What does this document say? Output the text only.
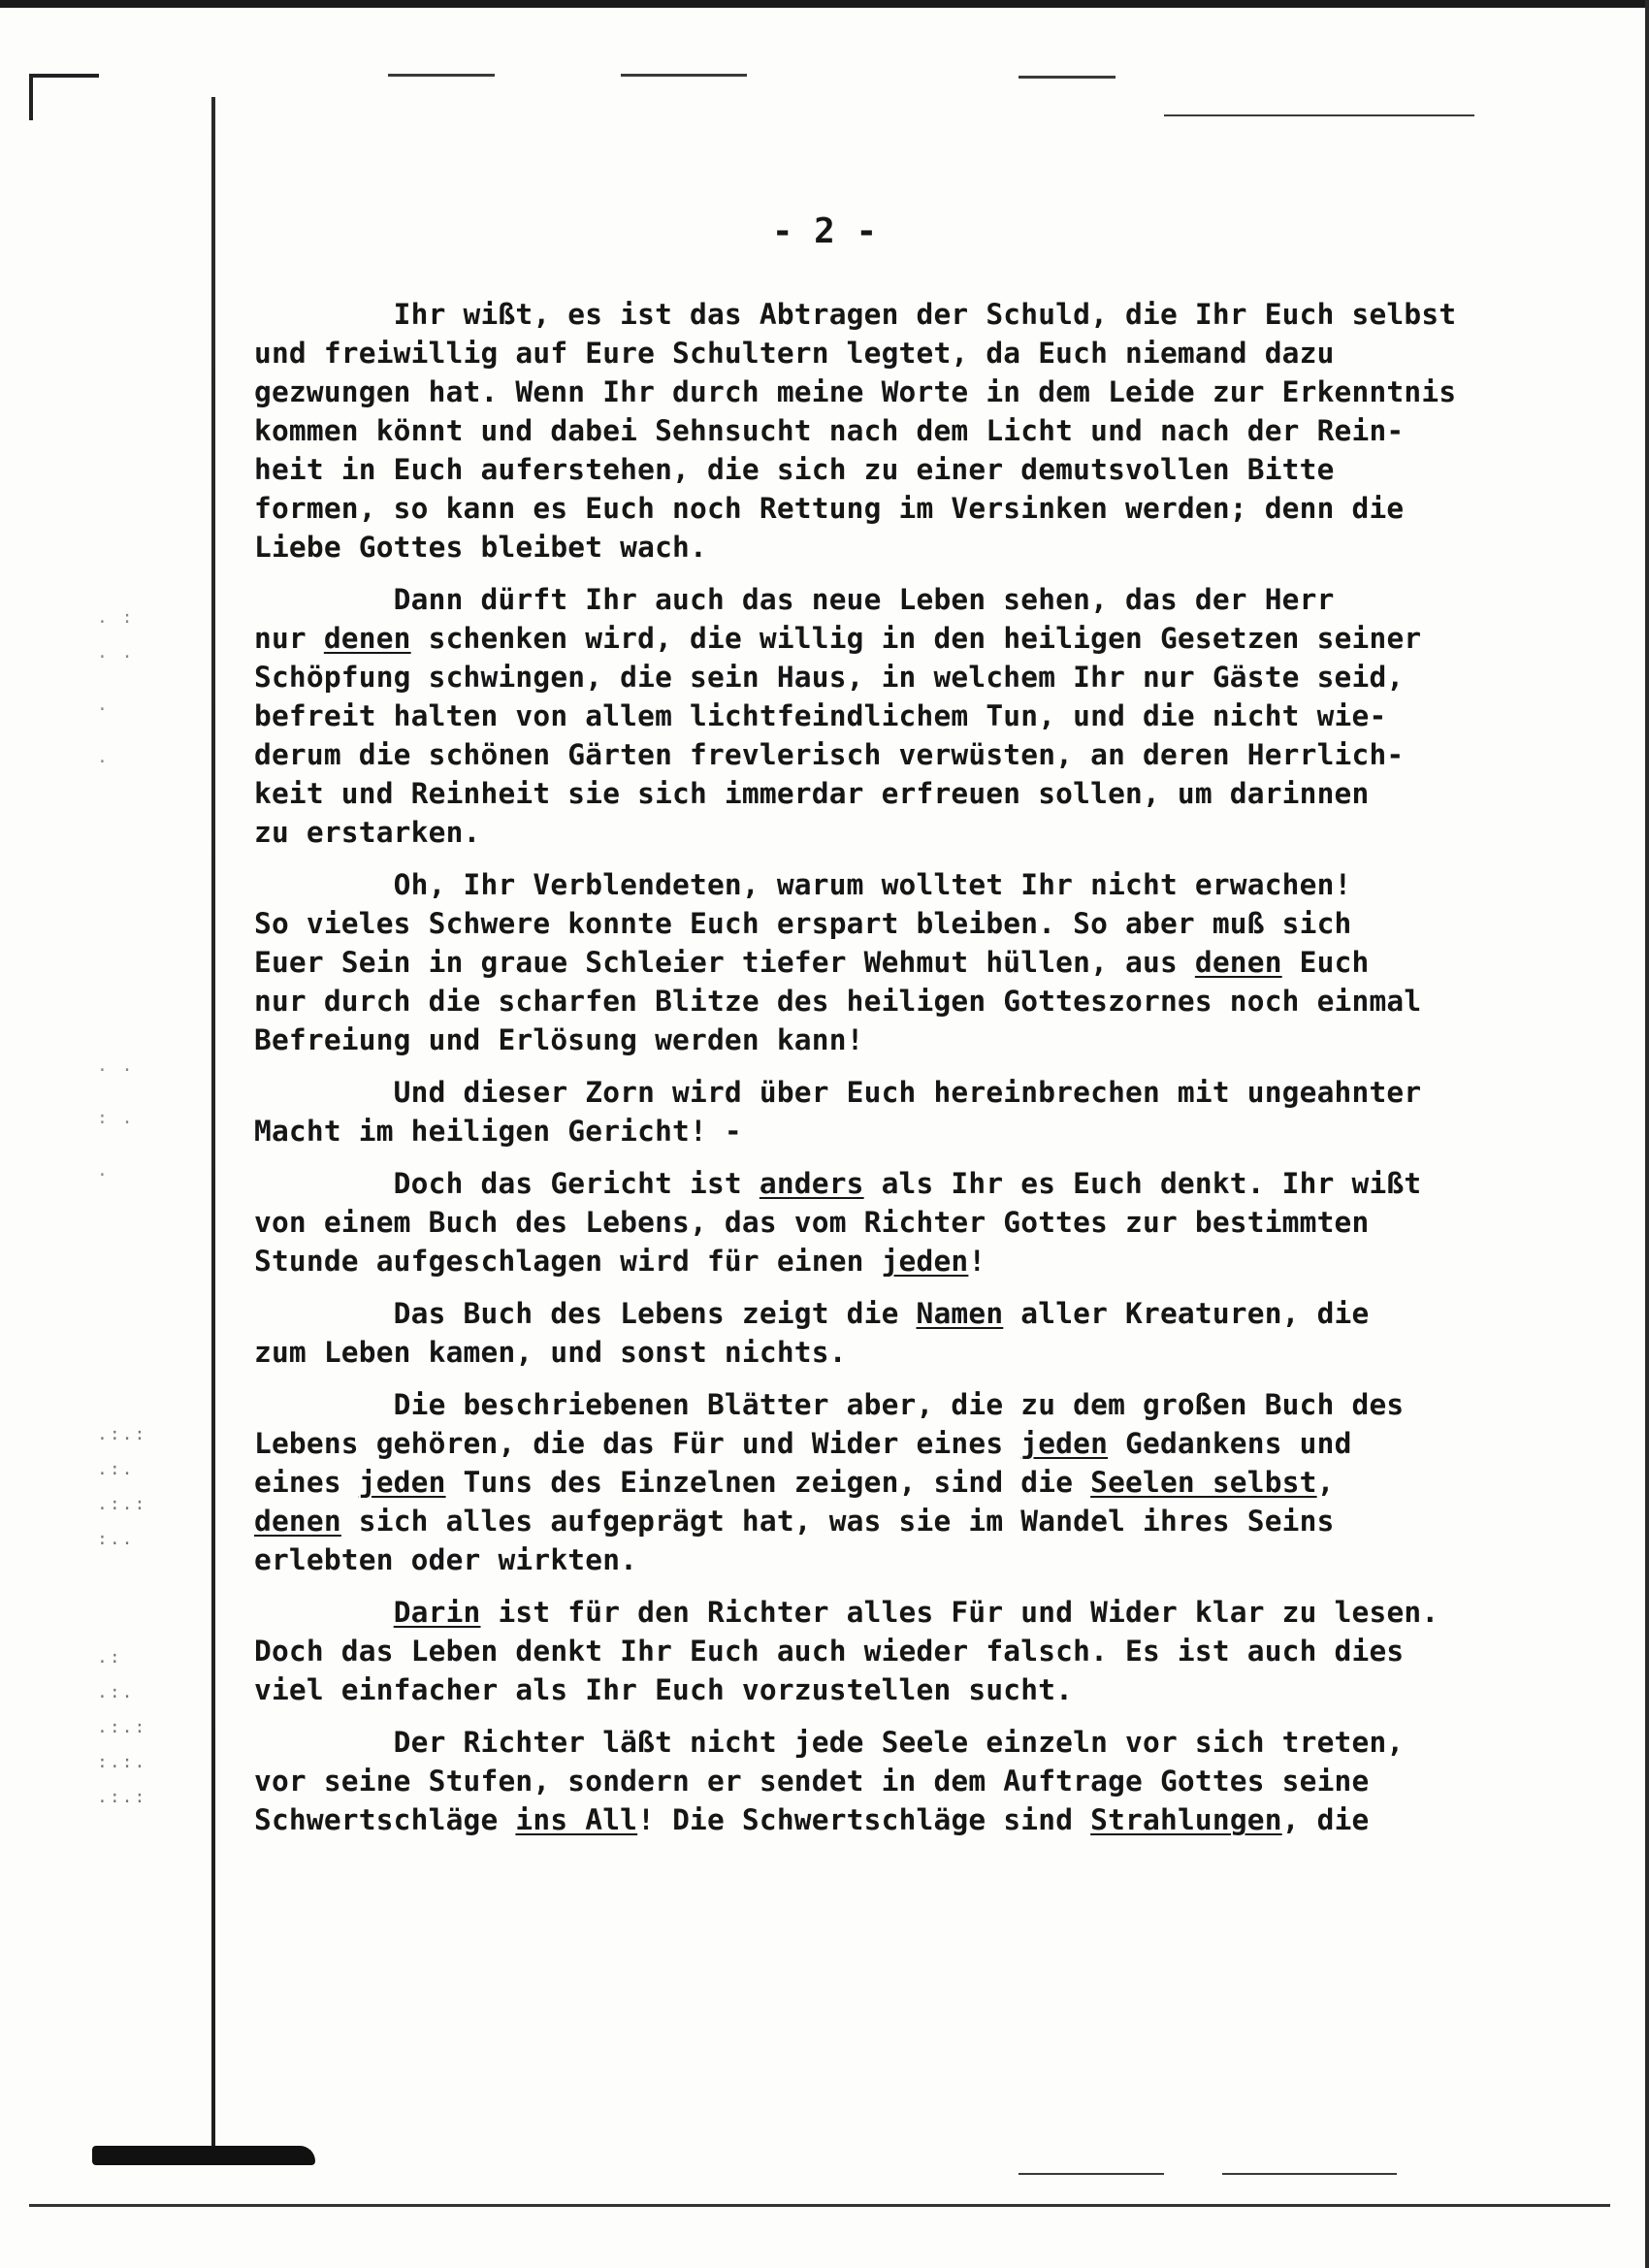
. :

. .

.

.
. .

: .

.
.:.:

.:.

.:.:

:..
.:

.:.

.:.:

:.:.

.:.:
- 2 -
Ihr wißt, es ist das Abtragen der Schuld, die Ihr Euch selbst
und freiwillig auf Eure Schultern legtet, da Euch niemand dazu
gezwungen hat. Wenn Ihr durch meine Worte in dem Leide zur Erkenntnis
kommen könnt und dabei Sehnsucht nach dem Licht und nach der Rein-
heit in Euch auferstehen, die sich zu einer demutsvollen Bitte
formen, so kann es Euch noch Rettung im Versinken werden; denn die
Liebe Gottes bleibet wach.
Dann dürft Ihr auch das neue Leben sehen, das der Herr
nur denen schenken wird, die willig in den heiligen Gesetzen seiner
Schöpfung schwingen, die sein Haus, in welchem Ihr nur Gäste seid,
befreit halten von allem lichtfeindlichem Tun, und die nicht wie-
derum die schönen Gärten frevlerisch verwüsten, an deren Herrlich-
keit und Reinheit sie sich immerdar erfreuen sollen, um darinnen
zu erstarken.
Oh, Ihr Verblendeten, warum wolltet Ihr nicht erwachen!
So vieles Schwere konnte Euch erspart bleiben. So aber muß sich
Euer Sein in graue Schleier tiefer Wehmut hüllen, aus denen Euch
nur durch die scharfen Blitze des heiligen Gotteszornes noch einmal
Befreiung und Erlösung werden kann!
Und dieser Zorn wird über Euch hereinbrechen mit ungeahnter
Macht im heiligen Gericht! -
Doch das Gericht ist anders als Ihr es Euch denkt. Ihr wißt
von einem Buch des Lebens, das vom Richter Gottes zur bestimmten
Stunde aufgeschlagen wird für einen jeden!
Das Buch des Lebens zeigt die Namen aller Kreaturen, die
zum Leben kamen, und sonst nichts.
Die beschriebenen Blätter aber, die zu dem großen Buch des
Lebens gehören, die das Für und Wider eines jeden Gedankens und
eines jeden Tuns des Einzelnen zeigen, sind die Seelen selbst,
denen sich alles aufgeprägt hat, was sie im Wandel ihres Seins
erlebten oder wirkten.
Darin ist für den Richter alles Für und Wider klar zu lesen.
Doch das Leben denkt Ihr Euch auch wieder falsch. Es ist auch dies
viel einfacher als Ihr Euch vorzustellen sucht.
Der Richter läßt nicht jede Seele einzeln vor sich treten,
vor seine Stufen, sondern er sendet in dem Auftrage Gottes seine
Schwertschläge ins All! Die Schwertschläge sind Strahlungen, die
